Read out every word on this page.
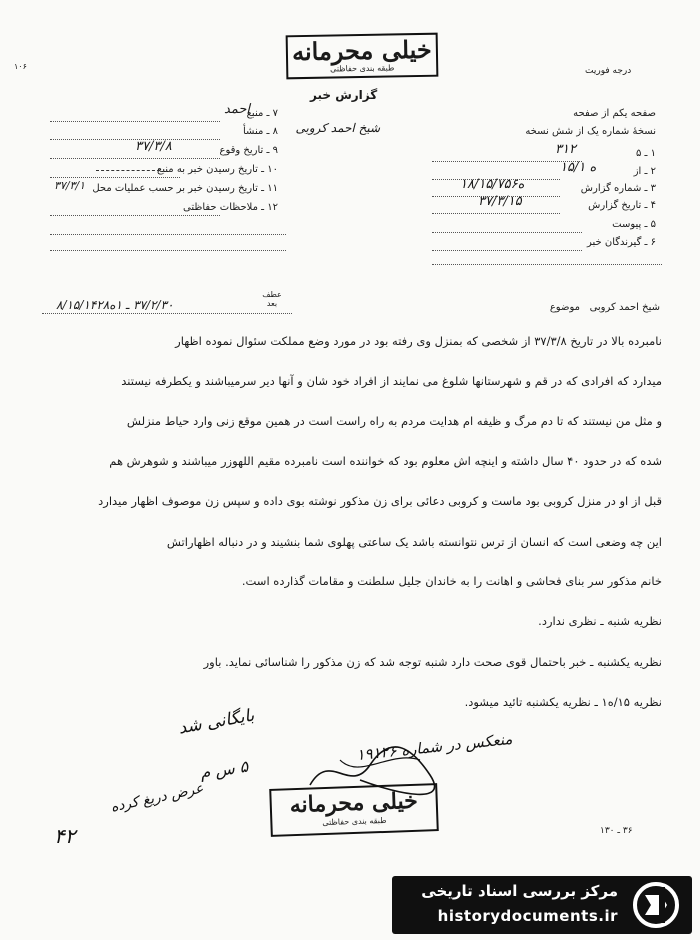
خیلی محرمانه
طبقه بندی حفاظتی
۱۰۶	درجه فوریت
گزارش خبر
صفحه یکم از صفحه
نسخهٔ شماره یک از شش نسخه
۱ ـ ۵
۳۱۲
۲ ـ از
۱۵/ه ۱
۳ ـ شماره گزارش
۱ه۸/۱۵/۷۵۶
۴ ـ تاریخ گزارش
۳۷/۳/۱۵
۵ ـ پیوست
۶ ـ گیرندگان خبر
۷ ـ منبع
احمد
۸ ـ منشأ شیخ احمد کروبی
۹ ـ تاریخ وقوع
۳۷/۳/۸
۱۰ ـ تاریخ رسیدن خبر به منبع
۱۱ ـ تاریخ رسیدن خبر بر حسب عملیات محل
۳۷/۳/۱
۱۲ ـ ملاحظات حفاظتی
۳۷/۲/۳۰ ـ ۱ه۸/۱۵/۱۴۲۸
عطف بعد	موضوع شیخ احمد کروبی
نامبرده بالا در تاریخ ۳۷/۳/۸ از شخصی که بمنزل وی رفته بود در مورد وضع مملکت سئوال نموده اظهار
میدارد که افرادی که در قم و شهرستانها شلوغ می نمایند از افراد خود شان و آنها دیر سرمیباشند و یکطرفه نیستند
و مثل من نیستند که تا دم مرگ و ظیفه ام هدایت مردم به راه راست است در همین موقع زنی وارد حیاط منزلش
شده که در حدود ۴۰ سال داشته و اینچه اش معلوم بود که خواننده است نامبرده مقیم اللهوزر میباشند و شوهرش هم
قبل از او در منزل کروبی بود ماست و کروبی دعائی برای زن مذکور نوشته بوی داده و سپس زن موصوف اظهار میدارد
این چه وضعی است که انسان از ترس نتوانسته باشد یک ساعتی پهلوی شما بنشیند و در دنباله اظهاراتش
خانم مذکور سر بنای فحاشی و اهانت را به خاندان جلیل سلطنت و مقامات گذارده است.
نظریه شنبه ـ نظری ندارد.
نظریه یکشنبه ـ خبر باحتمال قوی صحت دارد شنبه توجه شد که زن مذکور را شناسائی نماید. باور
نظریه ۱۵/ه۱ ـ نظریه یکشنبه تائید میشود.
بایگانی شد
منعکس در شماره ۱۹۱۲۶
۵ س م
عرض دریغ کرده
۴۲
خیلی محرمانه
طبقه بندی حفاظتی
۳۶ ـ ۱۳۰
مرکز بررسی اسناد تاریخی
historydocuments.ir
